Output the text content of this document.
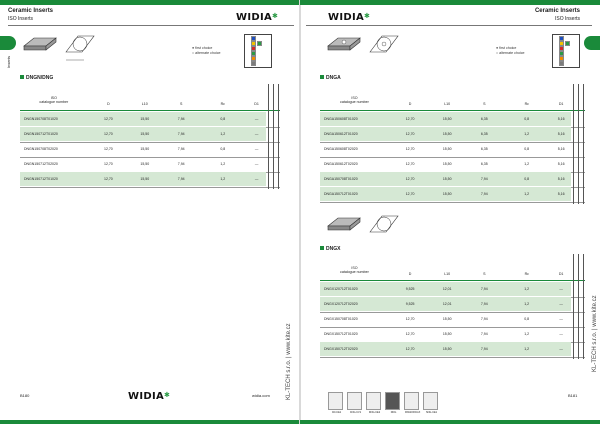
Ceramic Inserts
ISO Inserts	WIDIA✱
Inserts
● first choice
○ alternate choice
DNGN/DNG
ISO
catalogue number	D	L10	S	Rε	D1
DNGN150708T01020	12,70	15,50	7,94	0,8	—
DNGN150712T01020	12,70	15,50	7,94	1,2	—
DNGN150708T02020	12,70	15,50	7,94	0,8	—
DNGN150712T02020	12,70	15,50	7,94	1,2	—
DNGN150712T01020	12,70	15,50	7,94	1,2	—
KL-TECH s.r.o. | www.kite.cz
B180	WIDIA✱	widia.com
WIDIA✱
Ceramic Inserts
ISO Inserts
● first choice
○ alternate choice
DNGA
ISO
catalogue number	D	L10	S	Rε	D1
DNGA150608T01020	12,70	15,50	6,35	0,8	5,16
DNGA150612T01020	12,70	15,50	6,35	1,2	5,16
DNGA150608T02020	12,70	15,50	6,35	0,8	5,16
DNGA150612T02020	12,70	15,50	6,35	1,2	5,16
DNGA150708T01020	12,70	15,50	7,94	0,8	5,16
DNGA150712T01020	12,70	15,50	7,94	1,2	5,16
DNGX
ISO
catalogue number	D	L10	S	Rε	D1
DNGX120712T01020	9,525	12,01	7,94	1,2	—
DNGX120712T02020	9,525	12,01	7,94	1,2	—
DNGX150708T01020	12,70	15,50	7,94	0,8	—
DNGX150712T01020	12,70	15,50	7,94	1,2	—
DNGX150712T02020	12,70	15,50	7,94	1,2	—	KL-TECH s.r.o. | www.kite.cz
CD-CE1	CNG-CV1	DNG-CE2	DNG	RNGN/RCGX	SNG-CE1
B181
